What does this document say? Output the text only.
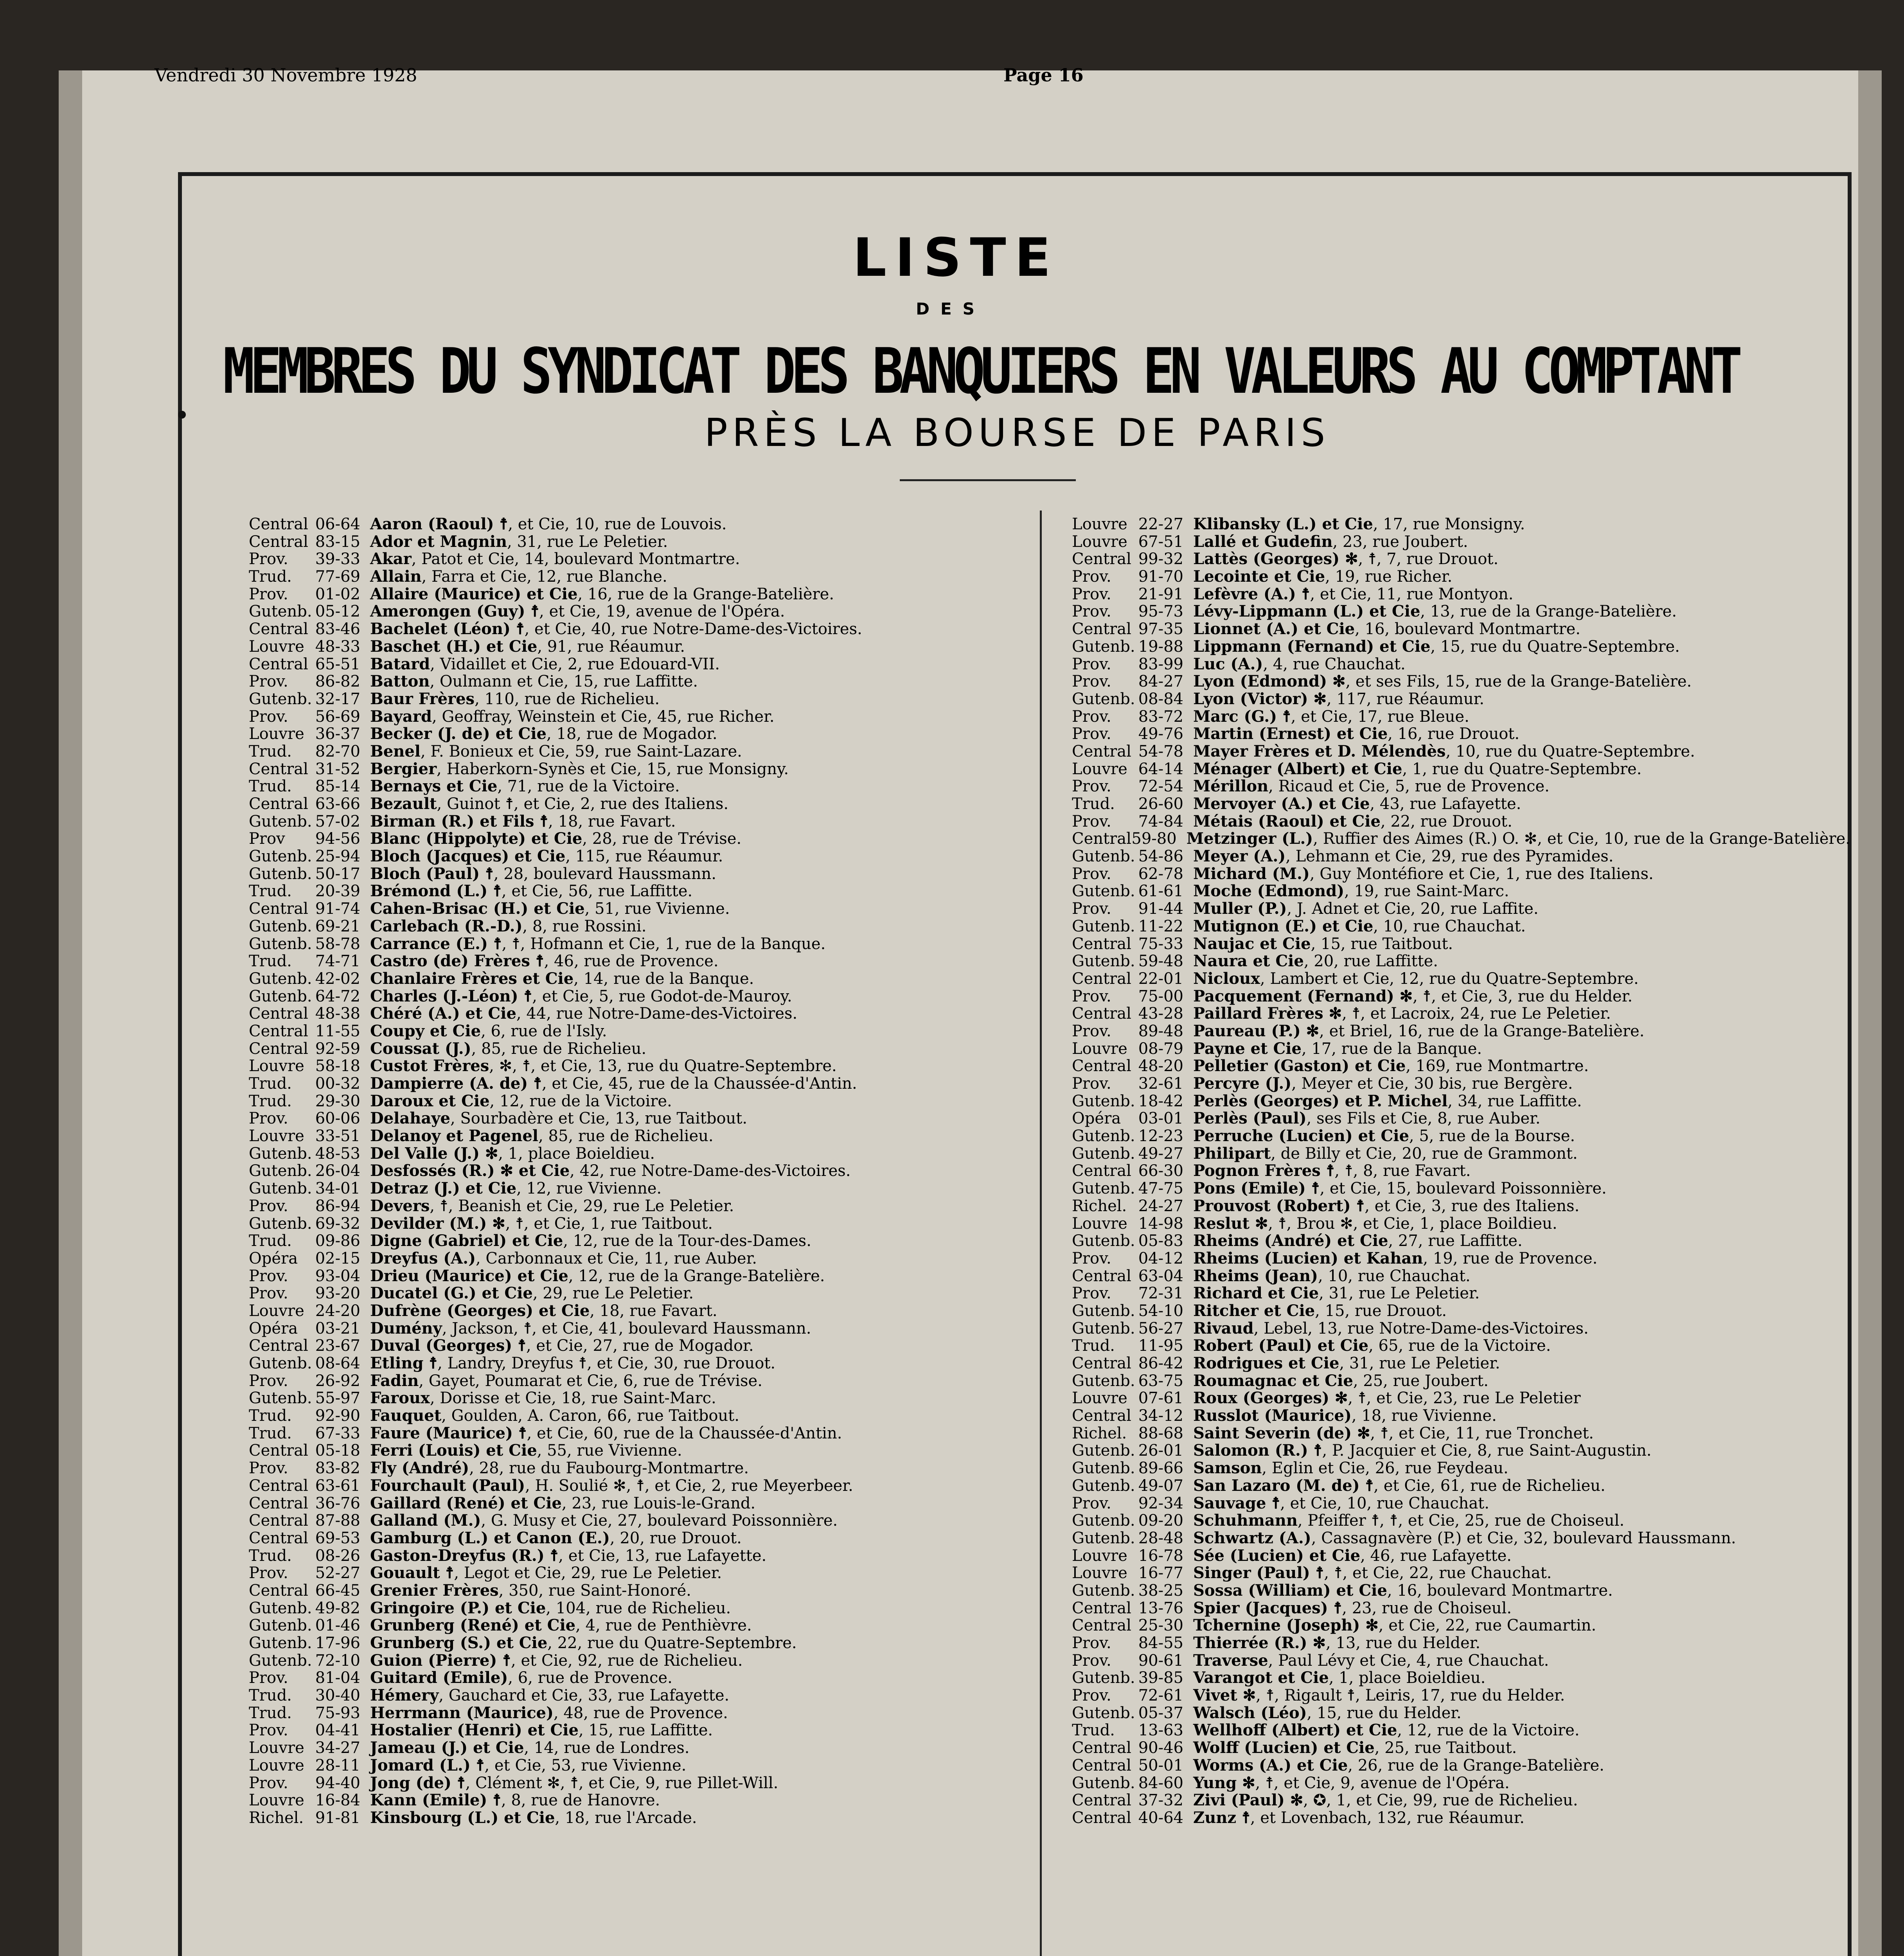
Vendredi 30 Novembre 1928	Page 16
LISTE
DES
MEMBRES DU SYNDICAT DES BANQUIERS EN VALEURS AU COMPTANT
PRÈS LA BOURSE DE PARIS
Central 06-64 Aaron (Raoul) ☨, et Cie, 10, rue de Louvois.
Central 83-15 Ador et Magnin, 31, rue Le Peletier.
Prov.	39-33 Akar, Patot et Cie, 14, boulevard Montmartre.
Trud.	77-69 Allain, Farra et Cie, 12, rue Blanche.
Prov.	01-02 Allaire (Maurice) et Cie, 16, rue de la Grange-Batelière.
Gutenb. 05-12 Amerongen (Guy) ☨, et Cie, 19, avenue de l'Opéra.
Central 83-46 Bachelet (Léon) ☨, et Cie, 40, rue Notre-Dame-des-Victoires.
Louvre 48-33 Baschet (H.) et Cie, 91, rue Réaumur.
Central 65-51 Batard, Vidaillet et Cie, 2, rue Edouard-VII.
Prov.	86-82 Batton, Oulmann et Cie, 15, rue Laffitte.
Gutenb. 32-17 Baur Frères, 110, rue de Richelieu.
Prov.	56-69 Bayard, Geoffray, Weinstein et Cie, 45, rue Richer.
Louvre 36-37 Becker (J. de) et Cie, 18, rue de Mogador.
Trud.	82-70 Benel, F. Bonieux et Cie, 59, rue Saint-Lazare.
Central 31-52 Bergier, Haberkorn-Synès et Cie, 15, rue Monsigny.
Trud.	85-14 Bernays et Cie, 71, rue de la Victoire.
Central 63-66 Bezault, Guinot ☨, et Cie, 2, rue des Italiens.
Gutenb. 57-02 Birman (R.) et Fils ☨, 18, rue Favart.
Prov	94-56 Blanc (Hippolyte) et Cie, 28, rue de Trévise.
Gutenb. 25-94 Bloch (Jacques) et Cie, 115, rue Réaumur.
Gutenb. 50-17 Bloch (Paul) ☨, 28, boulevard Haussmann.
Trud.	20-39 Brémond (L.) ☨, et Cie, 56, rue Laffitte.
Central 91-74 Cahen-Brisac (H.) et Cie, 51, rue Vivienne.
Gutenb. 69-21 Carlebach (R.-D.), 8, rue Rossini.
Gutenb. 58-78 Carrance (E.) ☨, ☨, Hofmann et Cie, 1, rue de la Banque.
Trud.	74-71 Castro (de) Frères ☨, 46, rue de Provence.
Gutenb. 42-02 Chanlaire Frères et Cie, 14, rue de la Banque.
Gutenb. 64-72 Charles (J.-Léon) ☨, et Cie, 5, rue Godot-de-Mauroy.
Central 48-38 Chéré (A.) et Cie, 44, rue Notre-Dame-des-Victoires.
Central 11-55 Coupy et Cie, 6, rue de l'Isly.
Central 92-59 Coussat (J.), 85, rue de Richelieu.
Louvre 58-18 Custot Frères, ✻, ☨, et Cie, 13, rue du Quatre-Septembre.
Trud.	00-32 Dampierre (A. de) ☨, et Cie, 45, rue de la Chaussée-d'Antin.
Trud.	29-30 Daroux et Cie, 12, rue de la Victoire.
Prov.	60-06 Delahaye, Sourbadère et Cie, 13, rue Taitbout.
Louvre 33-51 Delanoy et Pagenel, 85, rue de Richelieu.
Gutenb. 48-53 Del Valle (J.) ✻, 1, place Boieldieu.
Gutenb. 26-04 Desfossés (R.) ✻ et Cie, 42, rue Notre-Dame-des-Victoires.
Gutenb. 34-01 Detraz (J.) et Cie, 12, rue Vivienne.
Prov.	86-94 Devers, ☨, Beanish et Cie, 29, rue Le Peletier.
Gutenb. 69-32 Devilder (M.) ✻, ☨, et Cie, 1, rue Taitbout.
Trud.	09-86 Digne (Gabriel) et Cie, 12, rue de la Tour-des-Dames.
Opéra	02-15 Dreyfus (A.), Carbonnaux et Cie, 11, rue Auber.
Prov.	93-04 Drieu (Maurice) et Cie, 12, rue de la Grange-Batelière.
Prov.	93-20 Ducatel (G.) et Cie, 29, rue Le Peletier.
Louvre 24-20 Dufrène (Georges) et Cie, 18, rue Favart.
Opéra	03-21 Dumény, Jackson, ☨, et Cie, 41, boulevard Haussmann.
Central 23-67 Duval (Georges) ☨, et Cie, 27, rue de Mogador.
Gutenb. 08-64 Etling ☨, Landry, Dreyfus ☨, et Cie, 30, rue Drouot.
Prov.	26-92 Fadin, Gayet, Poumarat et Cie, 6, rue de Trévise.
Gutenb. 55-97 Faroux, Dorisse et Cie, 18, rue Saint-Marc.
Trud.	92-90 Fauquet, Goulden, A. Caron, 66, rue Taitbout.
Trud.	67-33 Faure (Maurice) ☨, et Cie, 60, rue de la Chaussée-d'Antin.
Central 05-18 Ferri (Louis) et Cie, 55, rue Vivienne.
Prov.	83-82 Fly (André), 28, rue du Faubourg-Montmartre.
Central 63-61 Fourchault (Paul), H. Soulié ✻, ☨, et Cie, 2, rue Meyerbeer.
Central 36-76 Gaillard (René) et Cie, 23, rue Louis-le-Grand.
Central 87-88 Galland (M.), G. Musy et Cie, 27, boulevard Poissonnière.
Central 69-53 Gamburg (L.) et Canon (E.), 20, rue Drouot.
Trud.	08-26 Gaston-Dreyfus (R.) ☨, et Cie, 13, rue Lafayette.
Prov.	52-27 Gouault ☨, Legot et Cie, 29, rue Le Peletier.
Central 66-45 Grenier Frères, 350, rue Saint-Honoré.
Gutenb. 49-82 Gringoire (P.) et Cie, 104, rue de Richelieu.
Gutenb. 01-46 Grunberg (René) et Cie, 4, rue de Penthièvre.
Gutenb. 17-96 Grunberg (S.) et Cie, 22, rue du Quatre-Septembre.
Gutenb. 72-10 Guion (Pierre) ☨, et Cie, 92, rue de Richelieu.
Prov.	81-04 Guitard (Emile), 6, rue de Provence.
Trud.	30-40 Hémery, Gauchard et Cie, 33, rue Lafayette.
Trud.	75-93 Herrmann (Maurice), 48, rue de Provence.
Prov.	04-41 Hostalier (Henri) et Cie, 15, rue Laffitte.
Louvre 34-27 Jameau (J.) et Cie, 14, rue de Londres.
Louvre 28-11 Jomard (L.) ☨, et Cie, 53, rue Vivienne.
Prov.	94-40 Jong (de) ☨, Clément ✻, ☨, et Cie, 9, rue Pillet-Will.
Louvre 16-84 Kann (Emile) ☨, 8, rue de Hanovre.
Richel. 91-81 Kinsbourg (L.) et Cie, 18, rue l'Arcade.
Louvre 22-27 Klibansky (L.) et Cie, 17, rue Monsigny.
Louvre 67-51 Lallé et Gudefin, 23, rue Joubert.
Central 99-32 Lattès (Georges) ✻, ☨, 7, rue Drouot.
Prov.	91-70 Lecointe et Cie, 19, rue Richer.
Prov.	21-91 Lefèvre (A.) ☨, et Cie, 11, rue Montyon.
Prov.	95-73 Lévy-Lippmann (L.) et Cie, 13, rue de la Grange-Batelière.
Central 97-35 Lionnet (A.) et Cie, 16, boulevard Montmartre.
Gutenb. 19-88 Lippmann (Fernand) et Cie, 15, rue du Quatre-Septembre.
Prov.	83-99 Luc (A.), 4, rue Chauchat.
Prov.	84-27 Lyon (Edmond) ✻, et ses Fils, 15, rue de la Grange-Batelière.
Gutenb. 08-84 Lyon (Victor) ✻, 117, rue Réaumur.
Prov.	83-72 Marc (G.) ☨, et Cie, 17, rue Bleue.
Prov.	49-76 Martin (Ernest) et Cie, 16, rue Drouot.
Central 54-78 Mayer Frères et D. Mélendès, 10, rue du Quatre-Septembre.
Louvre 64-14 Ménager (Albert) et Cie, 1, rue du Quatre-Septembre.
Prov.	72-54 Mérillon, Ricaud et Cie, 5, rue de Provence.
Trud.	26-60 Mervoyer (A.) et Cie, 43, rue Lafayette.
Prov.	74-84 Métais (Raoul) et Cie, 22, rue Drouot.
Central 59-80 Metzinger (L.), Ruffier des Aimes (R.) O. ✻, et Cie, 10, rue de la Grange-Batelière.
Gutenb. 54-86 Meyer (A.), Lehmann et Cie, 29, rue des Pyramides.
Prov.	62-78 Michard (M.), Guy Montéfiore et Cie, 1, rue des Italiens.
Gutenb. 61-61 Moche (Edmond), 19, rue Saint-Marc.
Prov.	91-44 Muller (P.), J. Adnet et Cie, 20, rue Laffite.
Gutenb. 11-22 Mutignon (E.) et Cie, 10, rue Chauchat.
Central 75-33 Naujac et Cie, 15, rue Taitbout.
Gutenb. 59-48 Naura et Cie, 20, rue Laffitte.
Central 22-01 Nicloux, Lambert et Cie, 12, rue du Quatre-Septembre.
Prov.	75-00 Pacquement (Fernand) ✻, ☨, et Cie, 3, rue du Helder.
Central 43-28 Paillard Frères ✻, ☨, et Lacroix, 24, rue Le Peletier.
Prov.	89-48 Paureau (P.) ✻, et Briel, 16, rue de la Grange-Batelière.
Louvre 08-79 Payne et Cie, 17, rue de la Banque.
Central 48-20 Pelletier (Gaston) et Cie, 169, rue Montmartre.
Prov.	32-61 Percyre (J.), Meyer et Cie, 30 bis, rue Bergère.
Gutenb. 18-42 Perlès (Georges) et P. Michel, 34, rue Laffitte.
Opéra	03-01 Perlès (Paul), ses Fils et Cie, 8, rue Auber.
Gutenb. 12-23 Perruche (Lucien) et Cie, 5, rue de la Bourse.
Gutenb. 49-27 Philipart, de Billy et Cie, 20, rue de Grammont.
Central 66-30 Pognon Frères ☨, ☨, 8, rue Favart.
Gutenb. 47-75 Pons (Emile) ☨, et Cie, 15, boulevard Poissonnière.
Richel. 24-27 Prouvost (Robert) ☨, et Cie, 3, rue des Italiens.
Louvre 14-98 Reslut ✻, ☨, Brou ✻, et Cie, 1, place Boildieu.
Gutenb. 05-83 Rheims (André) et Cie, 27, rue Laffitte.
Prov.	04-12 Rheims (Lucien) et Kahan, 19, rue de Provence.
Central 63-04 Rheims (Jean), 10, rue Chauchat.
Prov.	72-31 Richard et Cie, 31, rue Le Peletier.
Gutenb. 54-10 Ritcher et Cie, 15, rue Drouot.
Gutenb. 56-27 Rivaud, Lebel, 13, rue Notre-Dame-des-Victoires.
Trud.	11-95 Robert (Paul) et Cie, 65, rue de la Victoire.
Central 86-42 Rodrigues et Cie, 31, rue Le Peletier.
Gutenb. 63-75 Roumagnac et Cie, 25, rue Joubert.
Louvre 07-61 Roux (Georges) ✻, ☨, et Cie, 23, rue Le Peletier
Central 34-12 Russlot (Maurice), 18, rue Vivienne.
Richel. 88-68 Saint Severin (de) ✻, ☨, et Cie, 11, rue Tronchet.
Gutenb. 26-01 Salomon (R.) ☨, P. Jacquier et Cie, 8, rue Saint-Augustin.
Gutenb. 89-66 Samson, Eglin et Cie, 26, rue Feydeau.
Gutenb. 49-07 San Lazaro (M. de) ☨, et Cie, 61, rue de Richelieu.
Prov.	92-34 Sauvage ☨, et Cie, 10, rue Chauchat.
Gutenb. 09-20 Schuhmann, Pfeiffer ☨, ☨, et Cie, 25, rue de Choiseul.
Gutenb. 28-48 Schwartz (A.), Cassagnavère (P.) et Cie, 32, boulevard Haussmann.
Louvre 16-78 Sée (Lucien) et Cie, 46, rue Lafayette.
Louvre 16-77 Singer (Paul) ☨, ☨, et Cie, 22, rue Chauchat.
Gutenb. 38-25 Sossa (William) et Cie, 16, boulevard Montmartre.
Central 13-76 Spier (Jacques) ☨, 23, rue de Choiseul.
Central 25-30 Tchernine (Joseph) ✻, et Cie, 22, rue Caumartin.
Prov.	84-55 Thierrée (R.) ✻, 13, rue du Helder.
Prov.	90-61 Traverse, Paul Lévy et Cie, 4, rue Chauchat.
Gutenb. 39-85 Varangot et Cie, 1, place Boieldieu.
Prov.	72-61 Vivet ✻, ☨, Rigault ☨, Leiris, 17, rue du Helder.
Gutenb. 05-37 Walsch (Léo), 15, rue du Helder.
Trud.	13-63 Wellhoff (Albert) et Cie, 12, rue de la Victoire.
Central 90-46 Wolff (Lucien) et Cie, 25, rue Taitbout.
Central 50-01 Worms (A.) et Cie, 26, rue de la Grange-Batelière.
Gutenb. 84-60 Yung ✻, ☨, et Cie, 9, avenue de l'Opéra.
Central 37-32 Zivi (Paul) ✻, ✪, 1, et Cie, 99, rue de Richelieu.
Central 40-64 Zunz ☨, et Lovenbach, 132, rue Réaumur.
